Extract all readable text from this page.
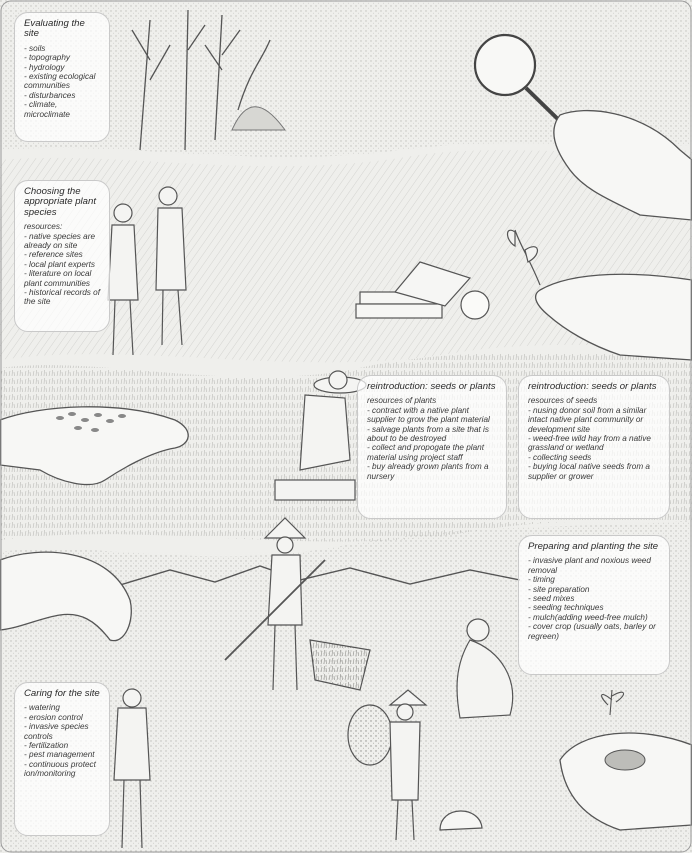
Evaluating the site
- soils
- topography
- hydrology
- existing ecological communities
- disturbances
- climate, microclimate
Choosing the appropriate plant species

resources:

- native species are already on site
- reference sites
- local plant experts
- literature on local plant communities
- historical records of the site
reintroduction: seeds or plants

resources of plants

- contract with a native plant supplier to grow the plant material
- salvage plants from a site that is about to be destroyed
- collect and propogate the plant material using project staff
- buy already grown plants from a nursery
reintroduction: seeds or plants

resources of seeds

- nusing donor soil from a similar intact native plant community or development site
- weed-free wild hay from a native grassland or wetland
- collecting seeds
- buying local native seeds from a supplier or grower
Preparing and planting the site
- invasive plant and noxious weed removal
- timing
- site preparation
- seed mixes
- seeding techniques
- mulch(adding weed-free mulch)
- cover crop (usually oats, barley or regreen)
Caring for the site
- watering
- erosion control
- invasive species controls
- fertilization
- pest management
- continuous protect ion/monitoring
